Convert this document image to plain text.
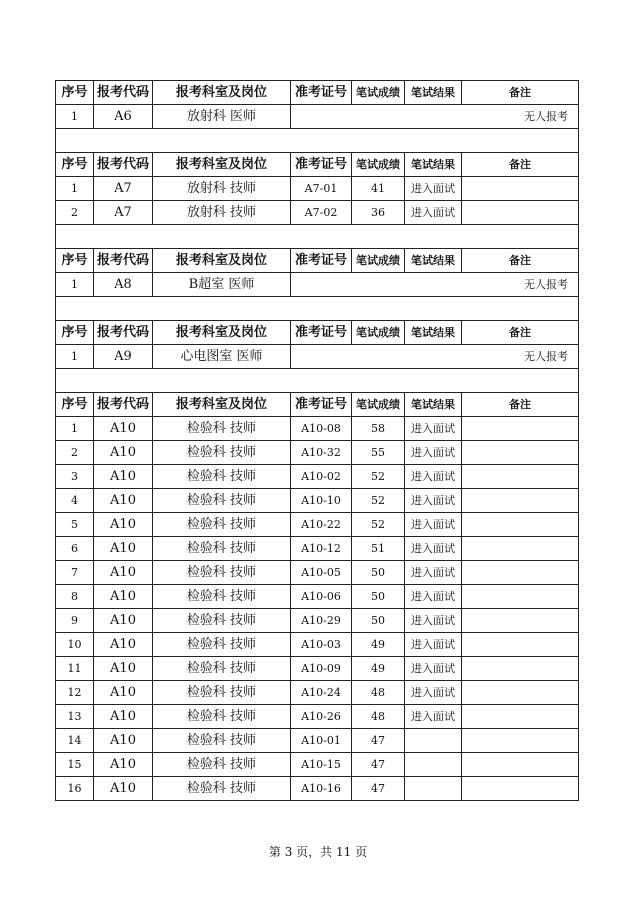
序号 报考代码	报考科室及岗位	准考证号 笔试成绩	笔试结果	备注
1	A6	放射科 医师	无人报考
序号 报考代码	报考科室及岗位	准考证号 笔试成绩	笔试结果	备注
1	A7	放射科 技师	A7-01	41	进入面试
2	A7	放射科 技师	A7-02	36	进入面试
序号 报考代码	报考科室及岗位	准考证号 笔试成绩	笔试结果	备注
1	A8	B超室 医师	无人报考
序号 报考代码	报考科室及岗位	准考证号 笔试成绩	笔试结果	备注
1	A9	心电图室 医师	无人报考
序号 报考代码	报考科室及岗位	准考证号 笔试成绩	笔试结果	备注
1	A10	检验科 技师	A10-08	58	进入面试
2	A10	检验科 技师	A10-32	55	进入面试
3	A10	检验科 技师	A10-02	52	进入面试
4	A10	检验科 技师	A10-10	52	进入面试
5	A10	检验科 技师	A10-22	52	进入面试
6	A10	检验科 技师	A10-12	51	进入面试
7	A10	检验科 技师	A10-05	50	进入面试
8	A10	检验科 技师	A10-06	50	进入面试
9	A10	检验科 技师	A10-29	50	进入面试
10	A10	检验科 技师	A10-03	49	进入面试
11	A10	检验科 技师	A10-09	49	进入面试
12	A10	检验科 技师	A10-24	48	进入面试
13	A10	检验科 技师	A10-26	48	进入面试
14	A10	检验科 技师	A10-01	47
15	A10	检验科 技师	A10-15	47
16	A10	检验科 技师	A10-16	47
第 3 页，共 11 页
